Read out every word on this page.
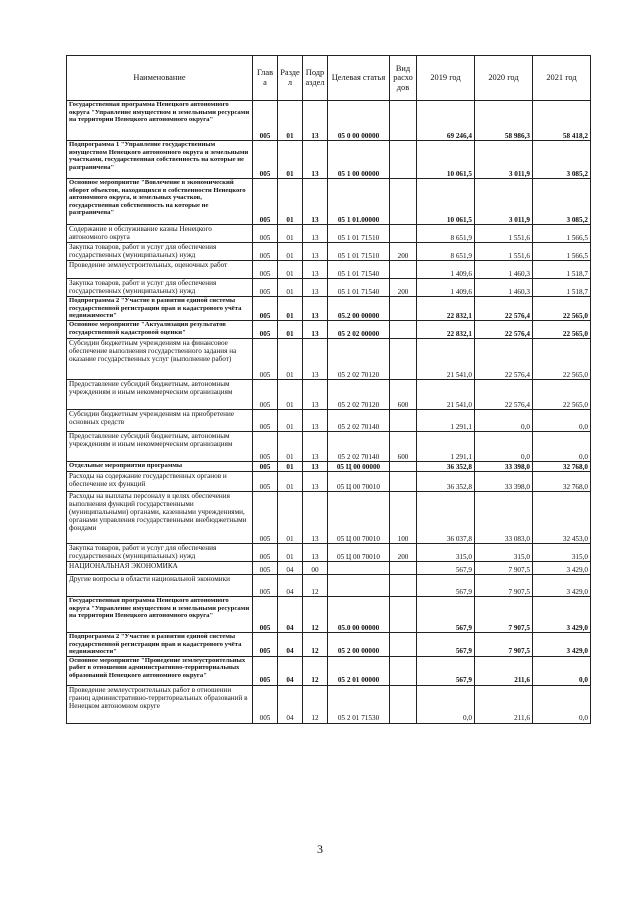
Наименование	Глав а	Разде л	Подр аздел	Целевая статья	Вид расхо дов	2019 год	2020 год	2021 год
Государственная программа Ненецкого автономного округа "Управление имуществом и земельными ресурсами на территории Ненецкого автономного округа"	005	01	13	05 0 00 00000		69 246,4	58 986,3	58 418,2
Подпрограмма 1 "Управление государственным имуществом Ненецкого автономного округа и земельными участками, государственная собственность на которые не разграничена"	005	01	13	05 1 00 00000		10 061,5	3 011,9	3 085,2
Основное мероприятие "Вовлечение в экономический оборот объектов, находящихся в собственности Ненецкого автономного округа, и земельных участков, государственная собственность на которые не разграничена"	005	01	13	05 1 01.00000		10 061,5	3 011,9	3 085,2
Содержание и обслуживание казны Ненецкого автономного округа	005	01	13	05 1 01 71510		8 651,9	1 551,6	1 566,5
Закупка товаров, работ и услуг для обеспечения государственных (муниципальных) нужд	005	01	13	05 1 01 71510	200	8 651,9	1 551,6	1 566,5
Проведение землеустроительных, оценочных работ	005	01	13	05 1 01 71540		1 409,6	1 460,3	1 518,7
Закупка товаров, работ и услуг для обеспечения государственных (муниципальных) нужд	005	01	13	05 1 01 71540	200	1 409,6	1 460,3	1 518,7
Подпрограмма 2 "Участие в развитии единой системы государственной регистрации прав и кадастрового учёта недвижимости"	005	01	13	05.2 00 00000		22 832,1	22 576,4	22 565,0
Основное мероприятие "Актуализация результатов государственной кадастровой оценки"	005	01	13	05 2 02 00000		22 832,1	22 576,4	22 565,0
Субсидии бюджетным учреждениям на финансовое обеспечение выполнения государственного задания на оказание государственных услуг (выполнение работ)	005	01	13	05 2 02 70120		21 541,0	22 576,4	22 565,0
Предоставление субсидий бюджетным, автономным учреждениям и иным некоммерческим организациям	005	01	13	05 2 02 70120	600	21 541,0	22 576,4	22 565,0
Субсидии бюджетным учреждениям на приобретение основных средств	005	01	13	05 2 02 70140		1 291,1	0,0	0,0
Предоставление субсидий бюджетным, автономным учреждениям и иным некоммерческим организациям	005	01	13	05 2 02 70140	600	1 291,1	0,0	0,0
Отдельные мероприятия программы	005	01	13	05 Ц 00 00000		36 352,8	33 398,0	32 768,0
Расходы на содержание государственных органов и обеспечение их функций	005	01	13	05 Ц 00 70010		36 352,8	33 398,0	32 768,0
Расходы на выплаты персоналу в целях обеспечения выполнения функций государственными (муниципальными) органами, казенными учреждениями, органами управления государственными внебюджетными фондами	005	01	13	05 Ц 00 70010	100	36 037,8	33 083,0	32 453,0
Закупка товаров, работ и услуг для обеспечения государственных (муниципальных) нужд	005	01	13	05 Ц 00 70010	200	315,0	315,0	315,0
НАЦИОНАЛЬНАЯ ЭКОНОМИКА	005	04	00			567,9	7 907,5	3 429,0
Другие вопросы в области национальной экономики	005	04	12			567,9	7 907,5	3 429,0
Государственная программа Ненецкого автономного округа "Управление имуществом и земельными ресурсами на территории Ненецкого автономного округа"	005	04	12	05.0 00 00000		567,9	7 907,5	3 429,0
Подпрограмма 2 "Участие в развитии единой системы государственной регистрации прав и кадастрового учёта недвижимости"	005	04	12	05 2 00 00000		567,9	7 907,5	3 429,0
Основное мероприятие "Проведение землеустроительных работ в отношении административно-территориальных образований Ненецкого автономного округа"	005	04	12	05 2 01 00000		567,9	211,6	0,0
Проведение землеустроительных работ в отношении границ административно-территориальных образований в Ненецком автономном округе	005	04	12	05 2 01 71530		0,0	211,6	0,0
3
